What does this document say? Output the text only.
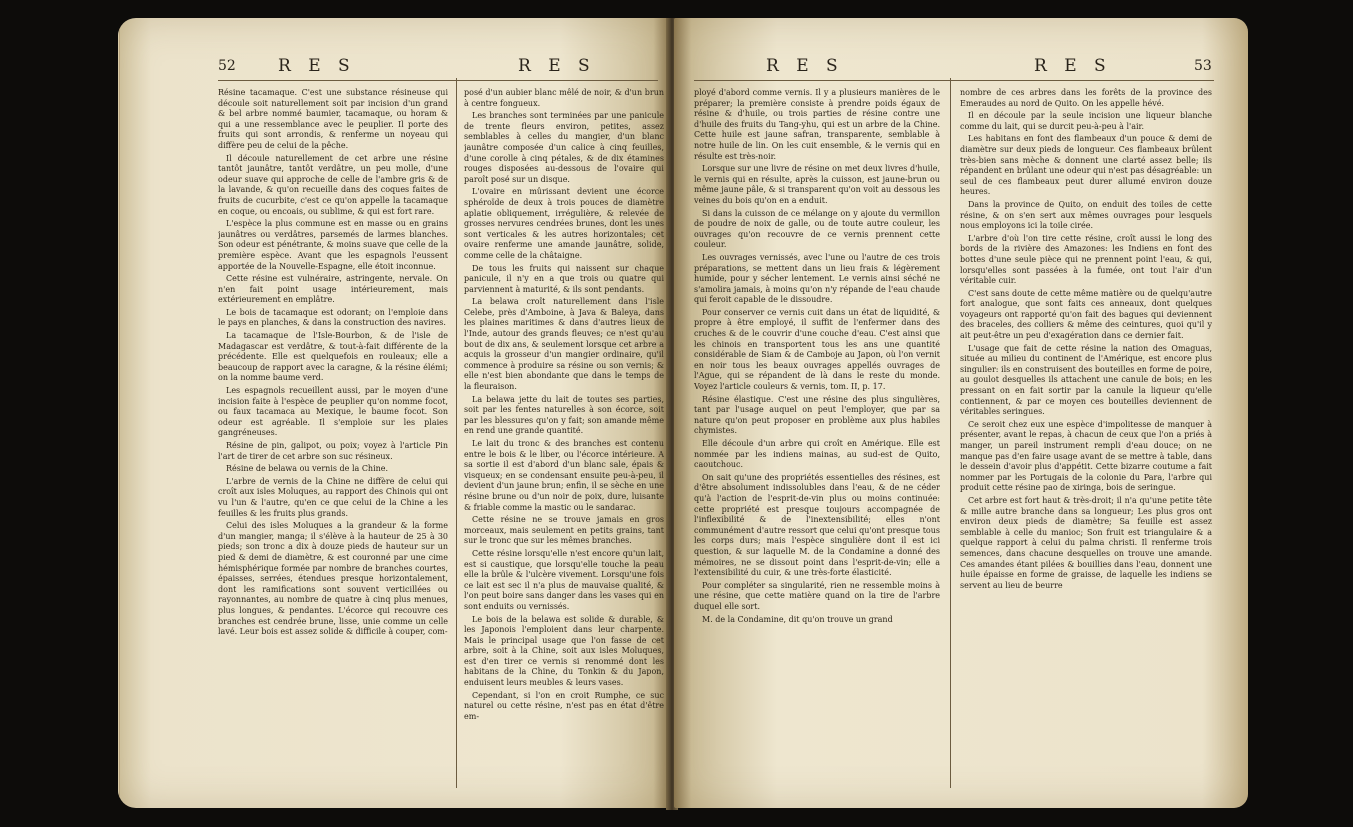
52 R E S	R E S

Résine tacamaque. C'est une substance résineuse qui découle soit naturellement soit par incision d'un grand & bel arbre nommé baumier, tacamaque, ou horam & qui a une ressemblance avec le peuplier. Il porte des fruits qui sont arrondis, & renferme un noyeau qui diffère peu de celui de la pêche.

Il découle naturellement de cet arbre une résine tantôt jaunâtre, tantôt verdâtre, un peu molle, d'une odeur suave qui approche de celle de l'ambre gris & de la lavande, & qu'on recueille dans des coques faites de fruits de cucurbite, c'est ce qu'on appelle la tacamaque en coque, ou encoais, ou sublime, & qui est fort rare.

L'espèce la plus commune est en masse ou en grains jaunâtres ou verdâtres, parsemés de larmes blanches. Son odeur est pénétrante, & moins suave que celle de la première espèce. Avant que les espagnols l'eussent apportée de la Nouvelle-Espagne, elle étoit inconnue.

Cette résine est vulnéraire, astringente, nervale. On n'en fait point usage intérieurement, mais extérieurement en emplâtre.

Le bois de tacamaque est odorant; on l'emploie dans le pays en planches, & dans la construction des navires.

La tacamaque de l'Isle-Bourbon, & de l'isle de Madagascar est verdâtre, & tout-à-fait différente de la précédente. Elle est quelquefois en rouleaux; elle a beaucoup de rapport avec la caragne, & la résine élémi; on la nomme baume verd.

Les espagnols recueillent aussi, par le moyen d'une incision faite à l'espèce de peuplier qu'on nomme focot, ou faux tacamaca au Mexique, le baume focot. Son odeur est agréable. Il s'emploie sur les plaies gangréneuses.

Résine de pin, galipot, ou poix; voyez à l'article Pin l'art de tirer de cet arbre son suc résineux.

Résine de belawa ou vernis de la Chine.

L'arbre de vernis de la Chine ne diffère de celui qui croît aux isles Moluques, au rapport des Chinois qui ont vu l'un & l'autre, qu'en ce que celui de la Chine a les feuilles & les fruits plus grands.

Celui des isles Moluques a la grandeur & la forme d'un mangier, manga; il s'élève à la hauteur de 25 à 30 pieds; son tronc a dix à douze pieds de hauteur sur un pied & demi de diamètre, & est couronné par une cime hémisphérique formée par nombre de branches courtes, épaisses, serrées, étendues presque horizontalement, dont les ramifications sont souvent verticillées ou rayonnantes, au nombre de quatre à cinq plus menues, plus longues, & pendantes. L'écorce qui recouvre ces branches est cendrée brune, lisse, unie comme un celle lavé. Leur bois est assez solide & difficile à couper, com-

posé d'un aubier blanc mêlé de noir, & d'un brun à centre fongueux.

Les branches sont terminées par une panicule de trente fleurs environ, petites, assez semblables à celles du mangier, d'un blanc jaunâtre composée d'un calice à cinq feuilles, d'une corolle à cinq pétales, & de dix étamines rouges disposées au-dessous de l'ovaire qui paroît posé sur un disque.

L'ovaire en mûrissant devient une écorce sphéroïde de deux à trois pouces de diamètre aplatie obliquement, irrégulière, & relevée de grosses nervures cendrées brunes, dont les unes sont verticales & les autres horizontales; cet ovaire renferme une amande jaunâtre, solide, comme celle de la châtaigne.

De tous les fruits qui naissent sur chaque panicule, il n'y en a que trois ou quatre qui parviennent à maturité, & ils sont pendants.

La belawa croît naturellement dans l'isle Celebe, près d'Amboine, à Java & Baleya, dans les plaines maritimes & dans d'autres lieux de l'Inde, autour des grands fleuves; ce n'est qu'au bout de dix ans, & seulement lorsque cet arbre a acquis la grosseur d'un mangier ordinaire, qu'il commence à produire sa résine ou son vernis; & elle n'est bien abondante que dans le temps de la fleuraison.

La belawa jette du lait de toutes ses parties, soit par les fentes naturelles à son écorce, soit par les blessures qu'on y fait; son amande même en rend une grande quantité.

Le lait du tronc & des branches est contenu entre le bois & le liber, ou l'écorce intérieure. A sa sortie il est d'abord d'un blanc sale, épais & visqueux; en se condensant ensuite peu-à-peu, il devient d'un jaune brun; enfin, il se sèche en une résine brune ou d'un noir de poix, dure, luisante & friable comme la mastic ou le sandarac.

Cette résine ne se trouve jamais en gros morceaux, mais seulement en petits grains, tant sur le tronc que sur les mêmes branches.

Cette résine lorsqu'elle n'est encore qu'un lait, est si caustique, que lorsqu'elle touche la peau elle la brûle & l'ulcère vivement. Lorsqu'une fois ce lait est sec il n'a plus de mauvaise qualité, & l'on peut boire sans danger dans les vases qui en sont enduits ou vernissés.

Le bois de la belawa est solide & durable, & les Japonois l'emploient dans leur charpente. Mais le principal usage que l'on fasse de cet arbre, soit à la Chine, soit aux isles Moluques, est d'en tirer ce vernis si renommé dont les habitans de la Chine, du Tonkin & du Japon, enduisent leurs meubles & leurs vases.

Cependant, si l'on en croit Rumphe, ce suc naturel ou cette résine, n'est pas en état d'être em-

R E S	R E S	53

ployé d'abord comme vernis. Il y a plusieurs manières de le préparer; la première consiste à prendre poids égaux de résine & d'huile, ou trois parties de résine contre une d'huile des fruits du Tang-yhu, qui est un arbre de la Chine. Cette huile est jaune safran, transparente, semblable à notre huile de lin. On les cuit ensemble, & le vernis qui en résulte est très-noir.

Lorsque sur une livre de résine on met deux livres d'huile, le vernis qui en résulte, après la cuisson, est jaune-brun ou même jaune pâle, & si transparent qu'on voit au dessous les veines du bois qu'on en a enduit.

Si dans la cuisson de ce mélange on y ajoute du vermillon de poudre de noix de galle, ou de toute autre couleur, les ouvrages qu'on recouvre de ce vernis prennent cette couleur.

Les ouvrages vernissés, avec l'une ou l'autre de ces trois préparations, se mettent dans un lieu frais & légèrement humide, pour y sécher lentement. Le vernis ainsi séché ne s'amolira jamais, à moins qu'on n'y répande de l'eau chaude qui feroit capable de le dissoudre.

Pour conserver ce vernis cuit dans un état de liquidité, & propre à être employé, il suffit de l'enfermer dans des cruches & de le couvrir d'une couche d'eau. C'est ainsi que les chinois en transportent tous les ans une quantité considérable de Siam & de Camboje au Japon, où l'on vernit en noir tous les beaux ouvrages appellés ouvrages de l'Ague, qui se répandent de là dans le reste du monde. Voyez l'article couleurs & vernis, tom. II, p. 17.

Résine élastique. C'est une résine des plus singulières, tant par l'usage auquel on peut l'employer, que par sa nature qu'on peut proposer en problème aux plus habiles chymistes.

Elle découle d'un arbre qui croît en Amérique. Elle est nommée par les indiens mainas, au sud-est de Quito, caoutchouc.

On sait qu'une des propriétés essentielles des résines, est d'être absolument indissolubles dans l'eau, & de ne céder qu'à l'action de l'esprit-de-vin plus ou moins continuée: cette propriété est presque toujours accompagnée de l'inflexibilité & de l'inextensibilité; elles n'ont communément d'autre ressort que celui qu'ont presque tous les corps durs; mais l'espèce singulière dont il est ici question, & sur laquelle M. de la Condamine a donné des mémoires, ne se dissout point dans l'esprit-de-vin; elle a l'extensibilité du cuir, & une très-forte élasticité.

Pour compléter sa singularité, rien ne ressemble moins à une résine, que cette matière quand on la tire de l'arbre duquel elle sort.

M. de la Condamine, dit qu'on trouve un grand

nombre de ces arbres dans les forêts de la province des Emeraudes au nord de Quito. On les appelle hévé.

Il en découle par la seule incision une liqueur blanche comme du lait, qui se durcit peu-à-peu à l'air.

Les habitans en font des flambeaux d'un pouce & demi de diamètre sur deux pieds de longueur. Ces flambeaux brûlent très-bien sans mèche & donnent une clarté assez belle; ils répandent en brûlant une odeur qui n'est pas désagréable: un seul de ces flambeaux peut durer allumé environ douze heures.

Dans la province de Quito, on enduit des toiles de cette résine, & on s'en sert aux mêmes ouvrages pour lesquels nous employons ici la toile cirée.

L'arbre d'où l'on tire cette résine, croît aussi le long des bords de la rivière des Amazones: les Indiens en font des bottes d'une seule pièce qui ne prennent point l'eau, & qui, lorsqu'elles sont passées à la fumée, ont tout l'air d'un véritable cuir.

C'est sans doute de cette même matière ou de quelqu'autre fort analogue, que sont faits ces anneaux, dont quelques voyageurs ont rapporté qu'on fait des bagues qui deviennent des braceles, des colliers & même des ceintures, quoi qu'il y ait peut-être un peu d'exagération dans ce dernier fait.

L'usage que fait de cette résine la nation des Omaguas, située au milieu du continent de l'Amérique, est encore plus singulier: ils en construisent des bouteilles en forme de poire, au goulot desquelles ils attachent une canule de bois; en les pressant on en fait sortir par la canule la liqueur qu'elle contiennent, & par ce moyen ces bouteilles deviennent de véritables seringues.

Ce seroit chez eux une espèce d'impolitesse de manquer à présenter, avant le repas, à chacun de ceux que l'on a priés à manger, un pareil instrument rempli d'eau douce; on ne manque pas d'en faire usage avant de se mettre à table, dans le dessein d'avoir plus d'appétit. Cette bizarre coutume a fait nommer par les Portugais de la colonie du Para, l'arbre qui produit cette résine pao de xiringa, bois de seringue.

Cet arbre est fort haut & très-droit; il n'a qu'une petite tête & mille autre branche dans sa longueur; Les plus gros ont environ deux pieds de diamètre; Sa feuille est assez semblable à celle du manioc; Son fruit est triangulaire & a quelque rapport à celui du palma christi. Il renferme trois semences, dans chacune desquelles on trouve une amande. Ces amandes étant pilées & bouillies dans l'eau, donnent une huile épaisse en forme de graisse, de laquelle les indiens se servent au lieu de beurre
